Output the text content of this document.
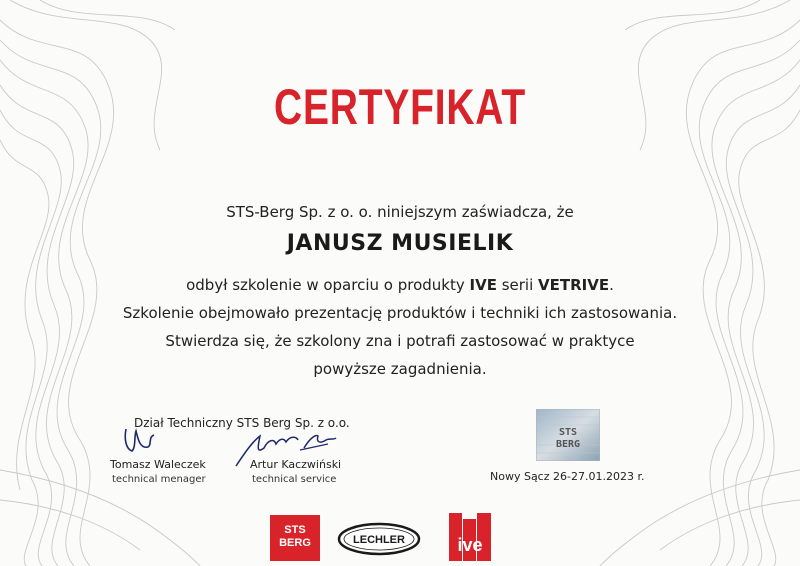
CERTYFIKAT
STS-Berg Sp. z o. o. niniejszym zaświadcza, że
JANUSZ MUSIELIK
odbył szkolenie w oparciu o produkty IVE serii VETRIVE.
Szkolenie obejmowało prezentację produktów i techniki ich zastosowania.
Stwierdza się, że szkolony zna i potrafi zastosować w praktyce
powyższe zagadnienia.
Dział Techniczny STS Berg Sp. z o.o.
Tomasz Waleczek
technical menager
Artur Kaczwiński
technical service
STS
BERG
Nowy Sącz 26-27.01.2023 r.
STS
BERG	LECHLER	ive
